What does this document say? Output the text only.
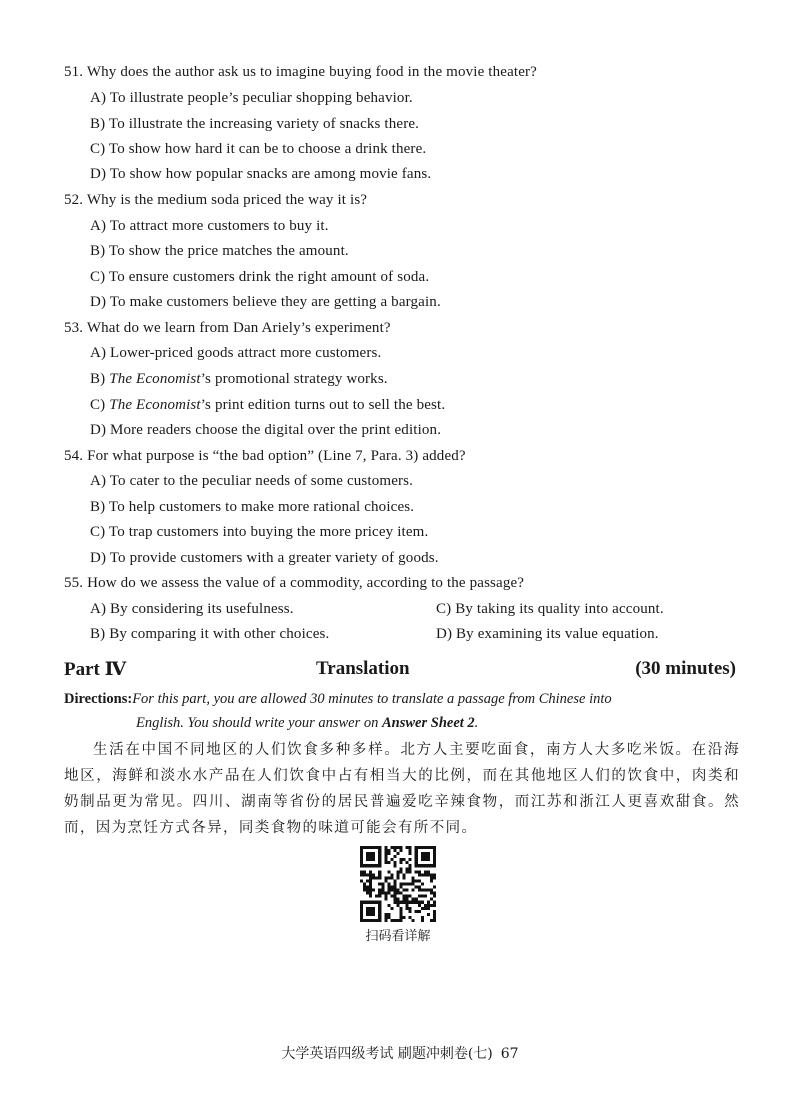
51. Why does the author ask us to imagine buying food in the movie theater?
A) To illustrate people’s peculiar shopping behavior.
B) To illustrate the increasing variety of snacks there.
C) To show how hard it can be to choose a drink there.
D) To show how popular snacks are among movie fans.
52. Why is the medium soda priced the way it is?
A) To attract more customers to buy it.
B) To show the price matches the amount.
C) To ensure customers drink the right amount of soda.
D) To make customers believe they are getting a bargain.
53. What do we learn from Dan Ariely’s experiment?
A) Lower-priced goods attract more customers.
B) The Economist’s promotional strategy works.
C) The Economist’s print edition turns out to sell the best.
D) More readers choose the digital over the print edition.
54. For what purpose is “the bad option” (Line 7, Para. 3) added?
A) To cater to the peculiar needs of some customers.
B) To help customers to make more rational choices.
C) To trap customers into buying the more pricey item.
D) To provide customers with a greater variety of goods.
55. How do we assess the value of a commodity, according to the passage?
A) By considering its usefulness.	C) By taking its quality into account.
B) By comparing it with other choices.	D) By examining its value equation.
Part Ⅳ	Translation	(30 minutes)
Directions:For this part, you are allowed 30 minutes to translate a passage from Chinese into
English. You should write your answer on Answer Sheet 2.
生活在中国不同地区的人们饮食多种多样。北方人主要吃面食，南方人大多吃米饭。在沿海地区，海鲜和淡水水产品在人们饮食中占有相当大的比例，而在其他地区人们的饮食中，肉类和奶制品更为常见。四川、湖南等省份的居民普遍爱吃辛辣食物，而江苏和浙江人更喜欢甜食。然而，因为烹饪方式各异，同类食物的味道可能会有所不同。
扫码看详解
大学英语四级考试 刷题冲刺卷(七) 67
